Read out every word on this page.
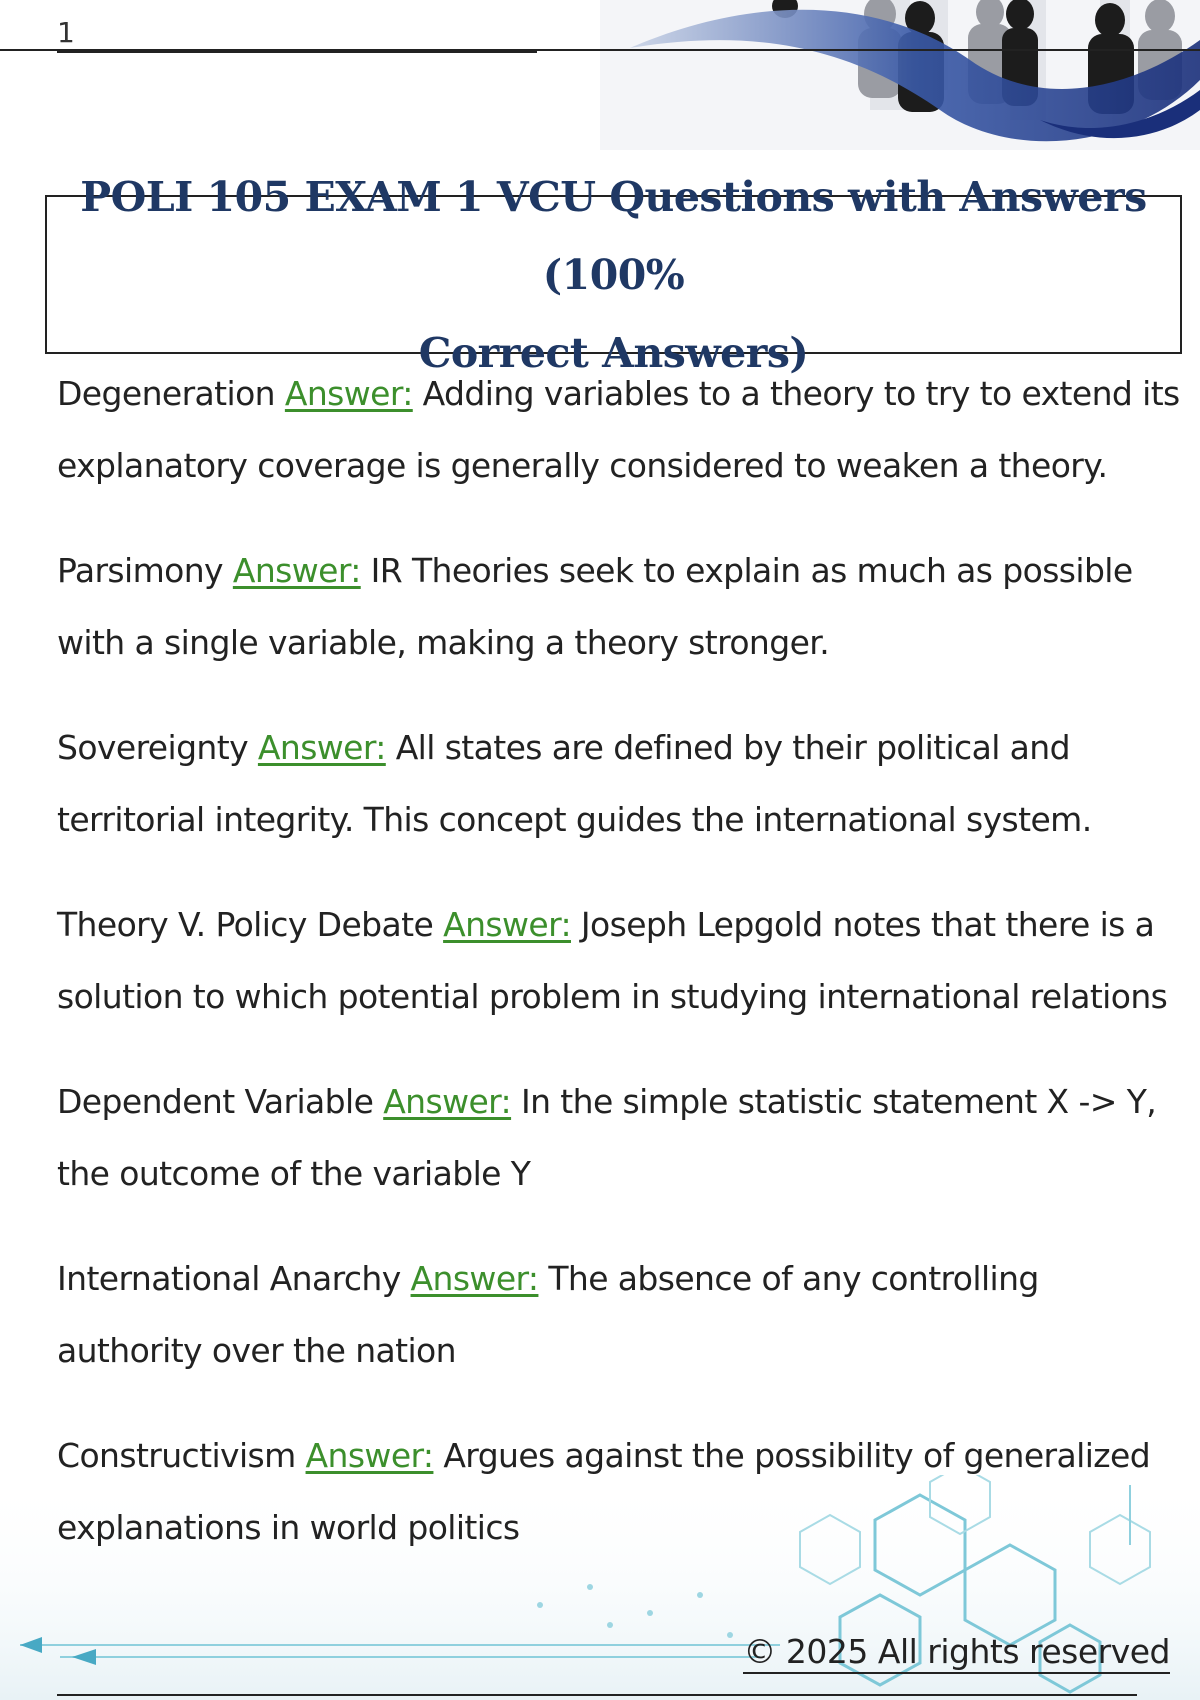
1
POLI 105 EXAM 1 VCU Questions with Answers (100%
Correct Answers)
Degeneration Answer: Adding variables to a theory to try to extend its explanatory coverage is generally considered to weaken a theory.
Parsimony Answer: IR Theories seek to explain as much as possible with a single variable, making a theory stronger.
Sovereignty Answer: All states are defined by their political and territorial integrity. This concept guides the international system.
Theory V. Policy Debate Answer: Joseph Lepgold notes that there is a solution to which potential problem in studying international relations
Dependent Variable Answer: In the simple statistic statement X -> Y, the outcome of the variable Y
International Anarchy Answer: The absence of any controlling authority over the nation
Constructivism Answer: Argues against the possibility of generalized explanations in world politics
© 2025 All rights reserved
